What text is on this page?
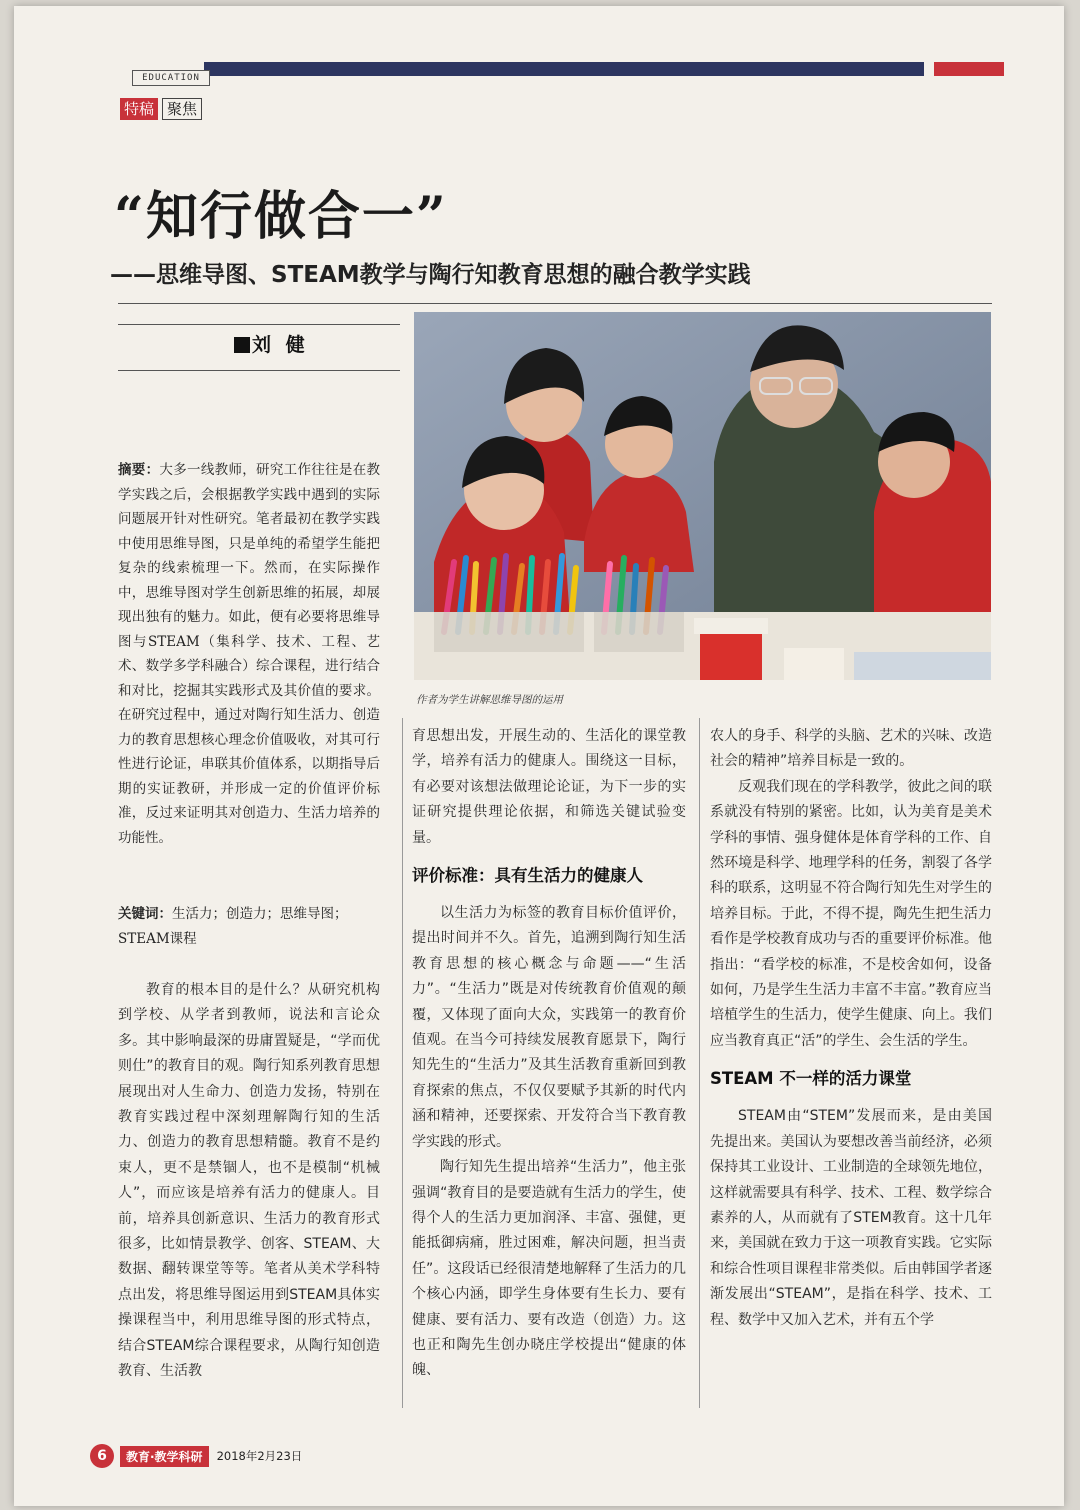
EDUCATION
特稿 聚焦
“知行做合一”
——思维导图、STEAM教学与陶行知教育思想的融合教学实践
刘 健

摘要：大多一线教师，研究工作往往是在教学实践之后，会根据教学实践中遇到的实际问题展开针对性研究。笔者最初在教学实践中使用思维导图，只是单纯的希望学生能把复杂的线索梳理一下。然而，在实际操作中，思维导图对学生创新思维的拓展，却展现出独有的魅力。如此，便有必要将思维导图与STEAM（集科学、技术、工程、艺术、数学多学科融合）综合课程，进行结合和对比，挖掘其实践形式及其价值的要求。在研究过程中，通过对陶行知生活力、创造力的教育思想核心理念价值吸收，对其可行性进行论证，串联其价值体系，以期指导后期的实证教研，并形成一定的价值评价标准，反过来证明其对创造力、生活力培养的功能性。

关键词：生活力；创造力；思维导图；STEAM课程

作者为学生讲解思维导图的运用

教育的根本目的是什么？从研究机构到学校、从学者到教师，说法和言论众多。其中影响最深的毋庸置疑是，“学而优则仕”的教育目的观。陶行知系列教育思想展现出对人生命力、创造力发扬，特别在教育实践过程中深刻理解陶行知的生活力、创造力的教育思想精髓。教育不是约束人，更不是禁锢人，也不是模制“机械人”，而应该是培养有活力的健康人。目前，培养具创新意识、生活力的教育形式很多，比如情景教学、创客、STEAM、大数据、翻转课堂等等。笔者从美术学科特点出发，将思维导图运用到STEAM具体实操课程当中，利用思维导图的形式特点，结合STEAM综合课程要求，从陶行知创造教育、生活教

育思想出发，开展生动的、生活化的课堂教学，培养有活力的健康人。围绕这一目标，有必要对该想法做理论论证，为下一步的实证研究提供理论依据，和筛选关键试验变量。

评价标准：具有生活力的健康人

以生活力为标签的教育目标价值评价，提出时间并不久。首先，追溯到陶行知生活教育思想的核心概念与命题——“生活力”。“生活力”既是对传统教育价值观的颠覆，又体现了面向大众，实践第一的教育价值观。在当今可持续发展教育愿景下，陶行知先生的“生活力”及其生活教育重新回到教育探索的焦点，不仅仅要赋予其新的时代内涵和精神，还要探索、开发符合当下教育教学实践的形式。

陶行知先生提出培养“生活力”，他主张强调“教育目的是要造就有生活力的学生，使得个人的生活力更加润泽、丰富、强健，更能抵御病痛，胜过困难，解决问题，担当责任”。这段话已经很清楚地解释了生活力的几个核心内涵，即学生身体要有生长力、要有健康、要有活力、要有改造（创造）力。这也正和陶先生创办晓庄学校提出“健康的体魄、

农人的身手、科学的头脑、艺术的兴味、改造社会的精神”培养目标是一致的。

反观我们现在的学科教学，彼此之间的联系就没有特别的紧密。比如，认为美育是美术学科的事情、强身健体是体育学科的工作、自然环境是科学、地理学科的任务，割裂了各学科的联系，这明显不符合陶行知先生对学生的培养目标。于此，不得不提，陶先生把生活力看作是学校教育成功与否的重要评价标准。他指出：“看学校的标准，不是校舍如何，设备如何，乃是学生生活力丰富不丰富。”教育应当培植学生的生活力，使学生健康、向上。我们应当教育真正“活”的学生、会生活的学生。

STEAM 不一样的活力课堂

STEAM由“STEM”发展而来，是由美国先提出来。美国认为要想改善当前经济，必须保持其工业设计、工业制造的全球领先地位，这样就需要具有科学、技术、工程、数学综合素养的人，从而就有了STEM教育。这十几年来，美国就在致力于这一项教育实践。它实际和综合性项目课程非常类似。后由韩国学者逐渐发展出“STEAM”，是指在科学、技术、工程、数学中又加入艺术，并有五个学

6	教育·教学科研	2018年2月23日
